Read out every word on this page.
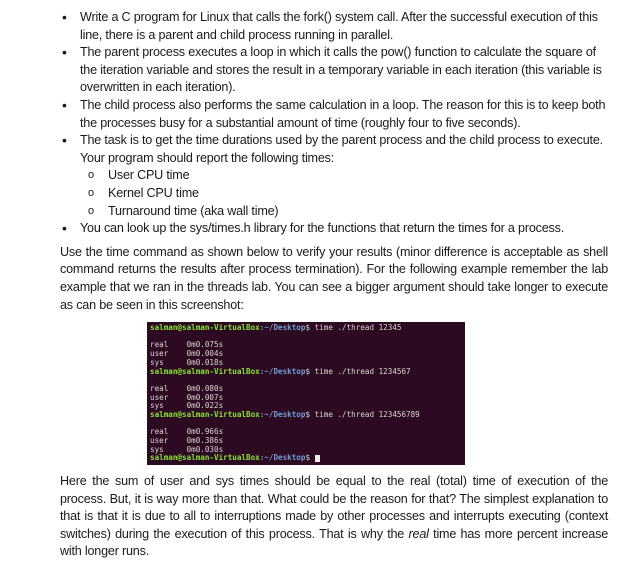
• Write a C program for Linux that calls the fork() system call. After the successful execution of this line, there is a parent and child process running in parallel.
• The parent process executes a loop in which it calls the pow() function to calculate the square of the iteration variable and stores the result in a temporary variable in each iteration (this variable is overwritten in each iteration).
• The child process also performs the same calculation in a loop. The reason for this is to keep both the processes busy for a substantial amount of time (roughly four to five seconds).
• The task is to get the time durations used by the parent process and the child process to execute. Your program should report the following times:
o User CPU time
o Kernel CPU time
o Turnaround time (aka wall time)
• You can look up the sys/times.h library for the functions that return the times for a process.

Use the time command as shown below to verify your results (minor difference is acceptable as shell command returns the results after process termination). For the following example remember the lab example that we ran in the threads lab. You can see a bigger argument should take longer to execute as can be seen in this screenshot:

salman@salman-VirtualBox:~/Desktop$ time ./thread 12345
real    0m0.075s
user    0m0.004s
sys     0m0.018s
salman@salman-VirtualBox:~/Desktop$ time ./thread 1234567
real    0m0.080s
user    0m0.007s
sys     0m0.022s
salman@salman-VirtualBox:~/Desktop$ time ./thread 123456789
real    0m0.966s
user    0m0.386s
sys     0m0.030s
salman@salman-VirtualBox:~/Desktop$

Here the sum of user and sys times should be equal to the real (total) time of execution of the process. But, it is way more than that. What could be the reason for that? The simplest explanation to that is that it is due to all to interruptions made by other processes and interrupts executing (context switches) during the execution of this process. That is why the real time has more percent increase with longer runs.
